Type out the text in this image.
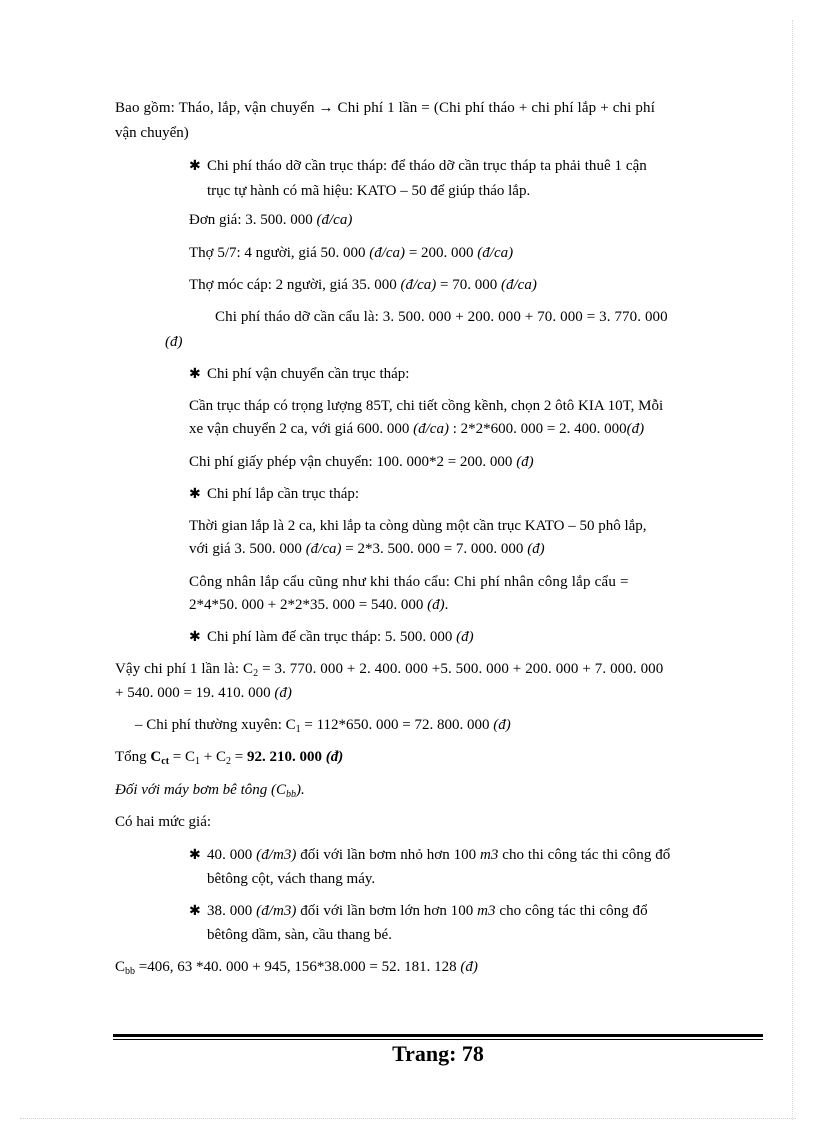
Bao gồm: Tháo, lắp, vận chuyển → Chi phí 1 lần = (Chi phí tháo + chi phí lắp + chi phí
vận chuyển)
✱ Chi phí tháo dỡ cần trục tháp: để tháo dỡ cần trục tháp ta phải thuê 1 cận
trục tự hành có mã hiệu: KATO – 50 để giúp tháo lắp.
Đơn giá: 3. 500. 000 (đ/ca)
Thợ 5/7: 4 người, giá 50. 000 (đ/ca) = 200. 000 (đ/ca)
Thợ móc cáp: 2 người, giá 35. 000 (đ/ca) = 70. 000 (đ/ca)
Chi phí tháo dỡ cần cẩu là: 3. 500. 000 + 200. 000 + 70. 000 = 3. 770. 000
(đ)
✱ Chi phí vận chuyển cần trục tháp:
Cần trục tháp có trọng lượng 85T, chi tiết cồng kềnh, chọn 2 ôtô KIA 10T, Mỗi
xe vận chuyển 2 ca, với giá 600. 000 (đ/ca) : 2*2*600. 000 = 2. 400. 000(đ)
Chi phí giấy phép vận chuyển: 100. 000*2 = 200. 000 (đ)
✱ Chi phí lắp cần trục tháp:
Thời gian lắp là 2 ca, khi lắp ta còng dùng một cần trục KATO – 50 phô lắp,
với giá 3. 500. 000 (đ/ca) = 2*3. 500. 000 = 7. 000. 000 (đ)
Công nhân lắp cẩu cũng như khi tháo cẩu: Chi phí nhân công lắp cẩu =
2*4*50. 000 + 2*2*35. 000 = 540. 000 (đ).
✱ Chi phí làm đế cần trục tháp: 5. 500. 000 (đ)
Vậy chi phí 1 lần là: $C_2 = 3$. 770. 000 + 2. 400. 000 +5. 500. 000 + 200. 000 + 7. 000. 000
+ 540. 000 = 19. 410. 000 (đ)
– Chi phí thường xuyên: $C_1 = 112*650$. 000 = 72. 800. 000 (đ)
Tổng $C_{ct} = C_1 + C_2 = 92$. 210. 000 (đ)
Đối với máy bơm bê tông $(C_{bb})$.
Có hai mức giá:
✱ 40. 000 (đ/m3) đối với lần bơm nhỏ hơn 100 m3 cho thi công tác thi công đổ
bêtông cột, vách thang máy.
✱ 38. 000 (đ/m3) đối với lần bơm lớn hơn 100 m3 cho công tác thi công đổ
bêtông dầm, sàn, cầu thang bé.
$C_{bb} =406$, 63 *40. 000 + 945, 156*38.000 = 52. 181. 128 (đ)
Trang: 78
